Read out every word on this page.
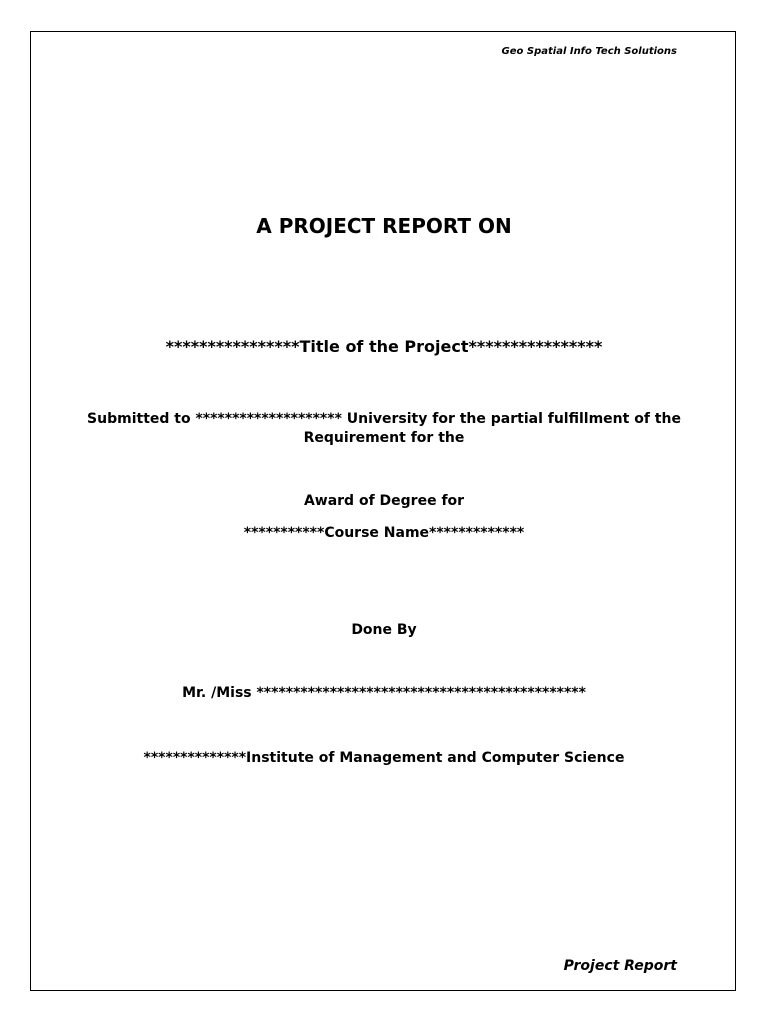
Geo Spatial Info Tech Solutions
A PROJECT REPORT ON
****************Title of the Project****************
Submitted to ******************** University for the partial fulfillment of the
Requirement for the
Award of Degree for
***********Course Name*************
Done By
Mr. /Miss *********************************************
**************Institute of Management and Computer Science
Project Report
